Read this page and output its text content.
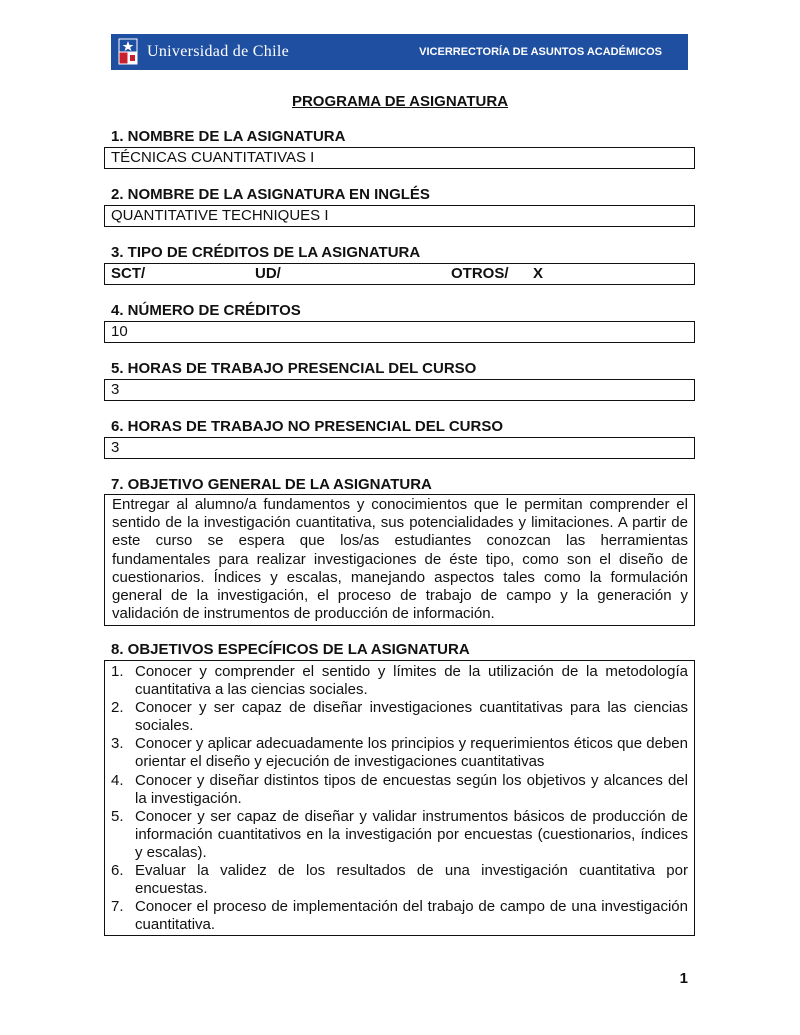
Universidad de Chile	VICERRECTORÍA DE ASUNTOS ACADÉMICOS
PROGRAMA DE ASIGNATURA
1. NOMBRE DE LA ASIGNATURA
TÉCNICAS CUANTITATIVAS I
2. NOMBRE DE LA ASIGNATURA EN INGLÉS
QUANTITATIVE TECHNIQUES I
3. TIPO DE CRÉDITOS DE LA ASIGNATURA
SCT/	UD/	OTROS/	X
4. NÚMERO DE CRÉDITOS
10
5. HORAS DE TRABAJO PRESENCIAL DEL CURSO
3
6. HORAS DE TRABAJO NO PRESENCIAL DEL CURSO
3
7. OBJETIVO GENERAL DE LA ASIGNATURA
Entregar al alumno/a fundamentos y conocimientos que le permitan comprender el sentido de la investigación cuantitativa, sus potencialidades y limitaciones. A partir de este curso se espera que los/as estudiantes conozcan las herramientas fundamentales para realizar investigaciones de éste tipo, como son el diseño de cuestionarios. Índices y escalas, manejando aspectos tales como la formulación general de la investigación, el proceso de trabajo de campo y la generación y validación de instrumentos de producción de información.
8. OBJETIVOS ESPECÍFICOS DE LA ASIGNATURA
1. Conocer y comprender el sentido y límites de la utilización de la metodología cuantitativa a las ciencias sociales.
2. Conocer y ser capaz de diseñar investigaciones cuantitativas para las ciencias sociales.
3. Conocer y aplicar adecuadamente los principios y requerimientos éticos que deben orientar el diseño y ejecución de investigaciones cuantitativas
4. Conocer y diseñar distintos tipos de encuestas según los objetivos y alcances del la investigación.
5. Conocer y ser capaz de diseñar y validar instrumentos básicos de producción de información cuantitativos en la investigación por encuestas (cuestionarios, índices y escalas).
6. Evaluar la validez de los resultados de una investigación cuantitativa por encuestas.
7. Conocer el proceso de implementación del trabajo de campo de una investigación cuantitativa.
1
